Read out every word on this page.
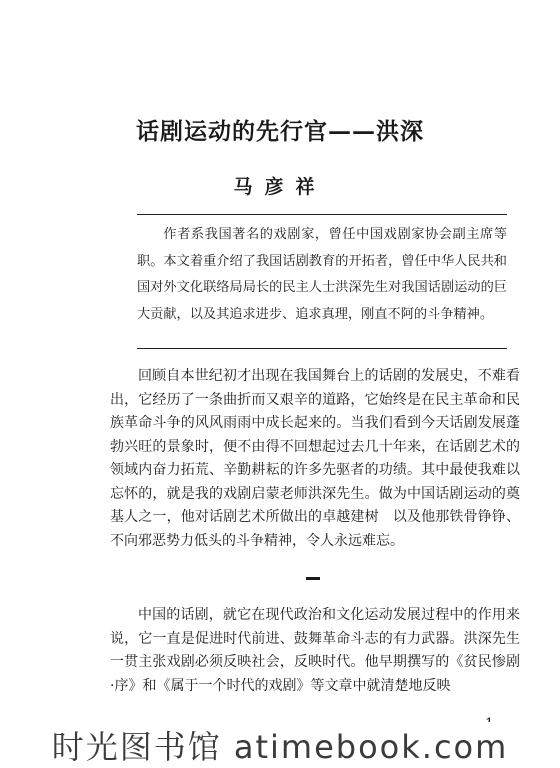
话剧运动的先行官——洪深
马彦祥

作者系我国著名的戏剧家，曾任中国戏剧家协会副主席等职。本文着重介绍了我国话剧教育的开拓者，曾任中华人民共和国对外文化联络局局长的民主人士洪深先生对我国话剧运动的巨大贡献，以及其追求进步、追求真理，刚直不阿的斗争精神。

回顾自本世纪初才出现在我国舞台上的话剧的发展史，不难看出，它经历了一条曲折而又艰辛的道路，它始终是在民主革命和民族革命斗争的风风雨雨中成长起来的。当我们看到今天话剧发展蓬勃兴旺的景象时，便不由得不回想起过去几十年来，在话剧艺术的领域内奋力拓荒、辛勤耕耘的许多先驱者的功绩。其中最使我难以忘怀的，就是我的戏剧启蒙老师洪深先生。做为中国话剧运动的奠基人之一，他对话剧艺术所做出的卓越建树　以及他那铁骨铮铮、不向邪恶势力低头的斗争精神，令人永远难忘。

中国的话剧，就它在现代政治和文化运动发展过程中的作用来说，它一直是促进时代前进、鼓舞革命斗志的有力武器。洪深先生一贯主张戏剧必须反映社会，反映时代。他早期撰写的《贫民惨剧·序》和《属于一个时代的戏剧》等文章中就清楚地反映

时光图书馆 atimebook.com
